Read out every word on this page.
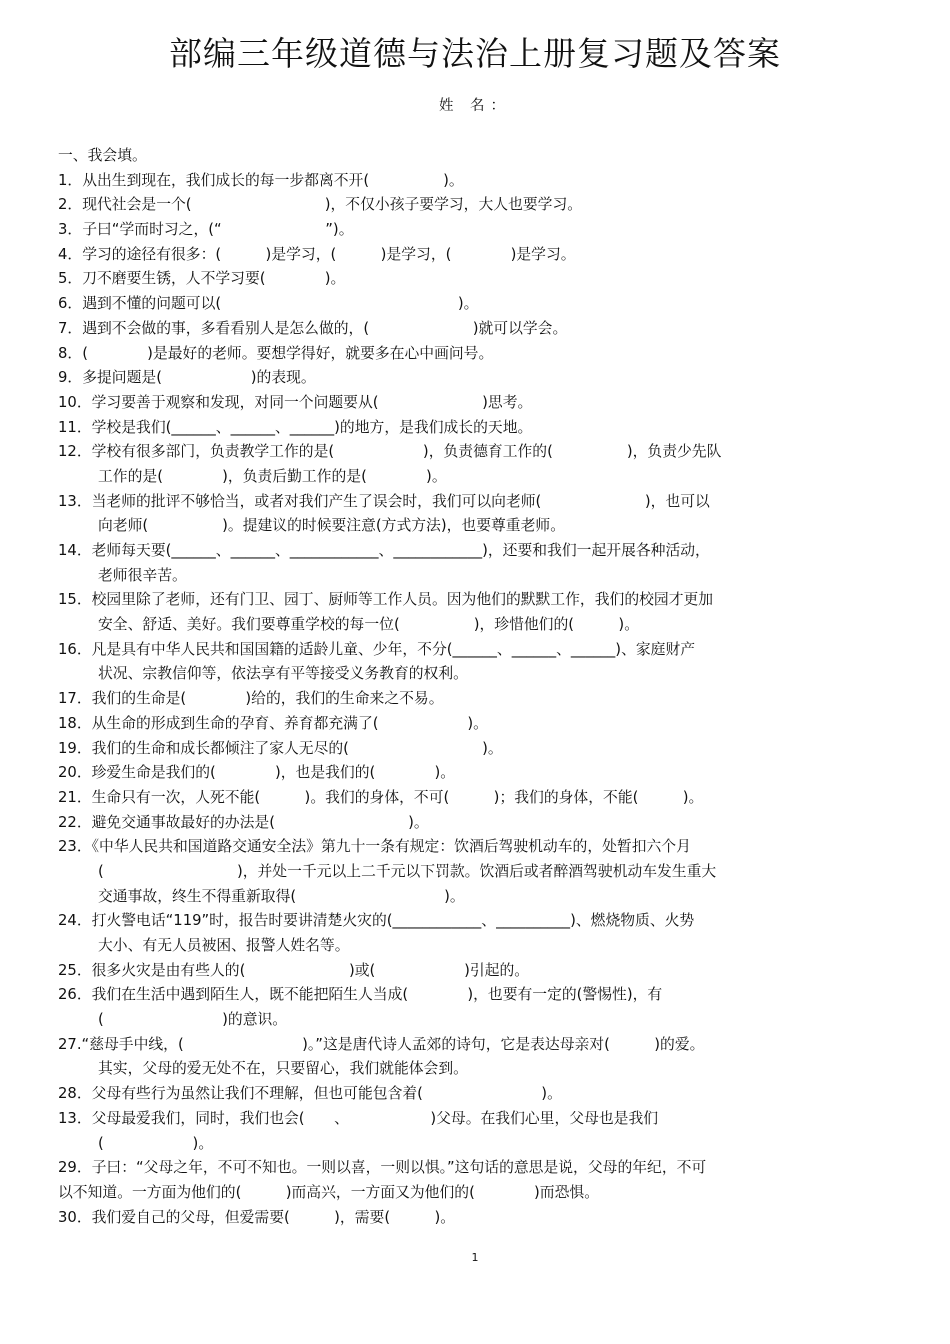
部编三年级道德与法治上册复习题及答案
姓 名：
一、我会填。
1．从出生到现在，我们成长的每一步都离不开(　　　　　)。
2．现代社会是一个(　　　　　　　　　)，不仅小孩子要学习，大人也要学习。
3．子曰“学而时习之，(“　　　　　　　”)。
4．学习的途径有很多：(　　　)是学习，(　　　)是学习，(　　　　)是学习。
5．刀不磨要生锈，人不学习要(　　　　)。
6．遇到不懂的问题可以(　　　　　　　　　　　　　　　　)。
7．遇到不会做的事，多看看别人是怎么做的，(　　　　　　　)就可以学会。
8．(　　　　)是最好的老师。要想学得好，就要多在心中画问号。
9．多提问题是(　　　　　　)的表现。
10．学习要善于观察和发现，对同一个问题要从(　　　　　　　)思考。
11．学校是我们(______、______、______)的地方，是我们成长的天地。
12．学校有很多部门，负责教学工作的是(　　　　　　)，负责德育工作的(　　　　　)，负责少先队
工作的是(　　　　)，负责后勤工作的是(　　　　)。
13．当老师的批评不够恰当，或者对我们产生了误会时，我们可以向老师(　　　　　　　)，也可以
向老师(　　　　　)。提建议的时候要注意(方式方法)，也要尊重老师。
14．老师每天要(______、______、____________、____________)，还要和我们一起开展各种活动，
老师很辛苦。
15．校园里除了老师，还有门卫、园丁、厨师等工作人员。因为他们的默默工作，我们的校园才更加
安全、舒适、美好。我们要尊重学校的每一位(　　　　　)，珍惜他们的(　　　)。
16．凡是具有中华人民共和国国籍的适龄儿童、少年，不分(______、______、______)、家庭财产
状况、宗教信仰等，依法享有平等接受义务教育的权利。
17．我们的生命是(　　　　)给的，我们的生命来之不易。
18．从生命的形成到生命的孕育、养育都充满了(　　　　　　)。
19．我们的生命和成长都倾注了家人无尽的(　　　　　　　　　)。
20．珍爱生命是我们的(　　　　)，也是我们的(　　　　)。
21．生命只有一次，人死不能(　　　)。我们的身体，不可(　　　)；我们的身体，不能(　　　)。
22．避免交通事故最好的办法是(　　　　　　　　　)。
23．《中华人民共和国道路交通安全法》第九十一条有规定：饮酒后驾驶机动车的，处暂扣六个月
(　　　　　　　　　)，并处一千元以上二千元以下罚款。饮酒后或者醉酒驾驶机动车发生重大
交通事故，终生不得重新取得(　　　　　　　　　　)。
24．打火警电话“119”时，报告时要讲清楚火灾的(____________、__________)、燃烧物质、火势
大小、有无人员被困、报警人姓名等。
25．很多火灾是由有些人的(　　　　　　　)或(　　　　　　)引起的。
26．我们在生活中遇到陌生人，既不能把陌生人当成(　　　　)，也要有一定的(警惕性)，有
(　　　　　　　　)的意识。
27.“慈母手中线，(　　　　　　　　)。”这是唐代诗人孟郊的诗句，它是表达母亲对(　　　)的爱。
其实，父母的爱无处不在，只要留心，我们就能体会到。
28．父母有些行为虽然让我们不理解，但也可能包含着(　　　　　　　　)。
13．父母最爱我们，同时，我们也会(　　、　　　　　　)父母。在我们心里，父母也是我们
(　　　　　　)。
29．子曰：“父母之年，不可不知也。一则以喜，一则以惧。”这句话的意思是说，父母的年纪，不可
以不知道。一方面为他们的(　　　)而高兴，一方面又为他们的(　　　　)而恐惧。
30．我们爱自己的父母，但爱需要(　　　)，需要(　　　)。
1
